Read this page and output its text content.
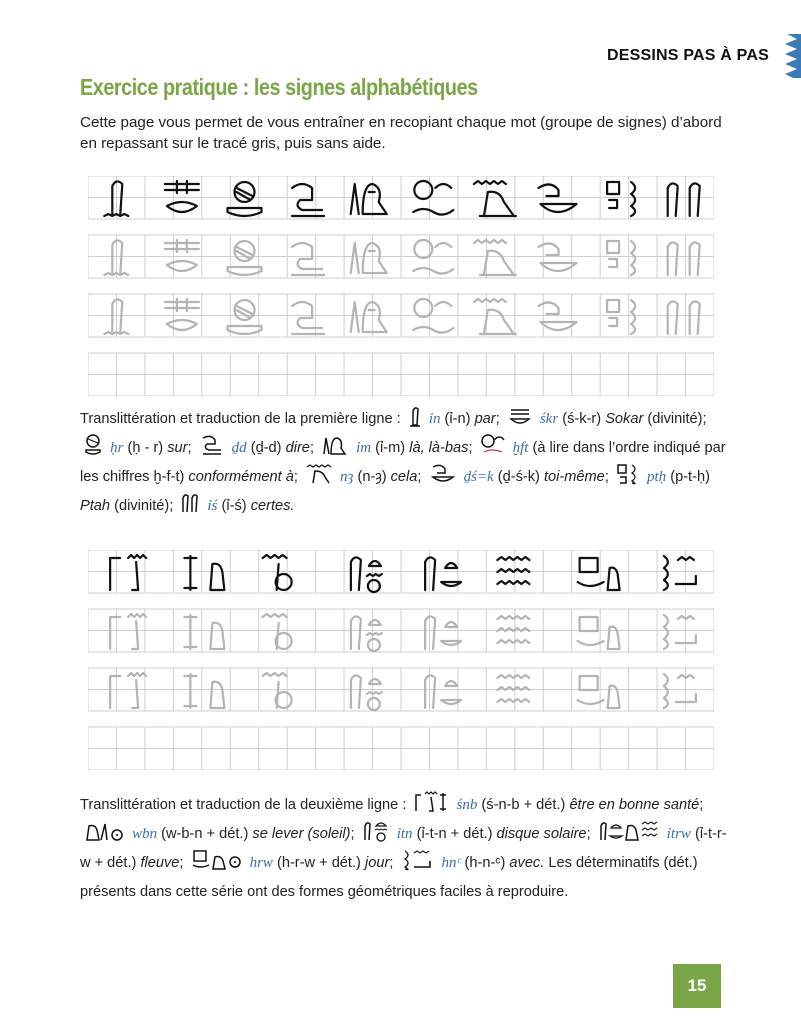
DESSINS PAS À PAS
Exercice pratique : les signes alphabétiques

Cette page vous permet de vous entraîner en recopiant chaque mot (groupe de signes) d’abord en repassant sur le tracé gris, puis sans aide.

Translittération et traduction de la première ligne : ỉn (ỉ-n) par;  śkr (ś-k-r) Sokar (divinité);  ḥr (ḥ - r) sur;  ḏd (ḏ-d) dire;	ỉm (ỉ-m) là, là-bas;  ḫft (à lire dans l’ordre indiqué par les chiffres ḫ-f-t) conformément à;	nȝ (n-ȝ) cela;	ḏś=k (ḏ-ś-k) toi-même;  ptḥ (p-t-ḥ) Ptah (divinité);  ỉś (ỉ-ś) certes.

Translittération et traduction de la deuxième ligne :	śnb (ś-n-b + dét.) être en bonne santé;  wbn (w-b-n + dét.) se lever (soleil);	ỉtn (ỉ-t-n + dét.) disque solaire;	ỉtrw (ỉ-t-r-w + dét.) fleuve;	hrw (h-r-w + dét.) jour;	hnᶜ (h-n-ᶜ) avec. Les déterminatifs (dét.) présents dans cette série ont des formes géométriques faciles à reproduire.

15
